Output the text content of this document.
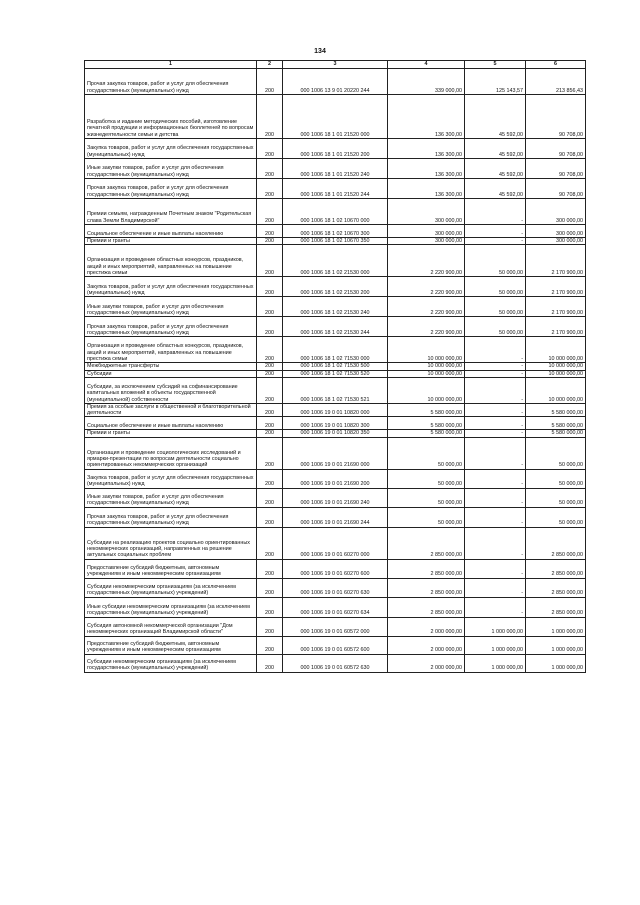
134
1	2	3	4	5	6
Прочая закупка товаров, работ и услуг для обеспечения государственных (муниципальных) нужд	200	000 1006 13 9 01 20220 244	339 000,00	125 143,57	213 856,43
Разработка и издание методических пособий, изготовление печатной продукции и информационных бюллетеней по вопросам жизнедеятельности семьи и детства	200	000 1006 18 1 01 21520 000	136 300,00	45 592,00	90 708,00
Закупка товаров, работ и услуг для обеспечения государственных (муниципальных) нужд	200	000 1006 18 1 01 21520 200	136 300,00	45 592,00	90 708,00
Иные закупки товаров, работ и услуг для обеспечения государственных (муниципальных) нужд	200	000 1006 18 1 01 21520 240	136 300,00	45 592,00	90 708,00
Прочая закупка товаров, работ и услуг для обеспечения государственных (муниципальных) нужд	200	000 1006 18 1 01 21520 244	136 300,00	45 592,00	90 708,00
Премии семьям, награжденным Почетным знаком "Родительская слава Земли Владимирской"	200	000 1006 18 1 02 10670 000	300 000,00	-	300 000,00
Социальное обеспечение и иные выплаты населению	200	000 1006 18 1 02 10670 300	300 000,00	-	300 000,00
Премии и гранты	200	000 1006 18 1 02 10670 350	300 000,00	-	300 000,00
Организация и проведение областных конкурсов, праздников, акций и иных мероприятий, направленных на повышение престижа семьи	200	000 1006 18 1 02 21530 000	2 220 900,00	50 000,00	2 170 900,00
Закупка товаров, работ и услуг для обеспечения государственных (муниципальных) нужд	200	000 1006 18 1 02 21530 200	2 220 900,00	50 000,00	2 170 900,00
Иные закупки товаров, работ и услуг для обеспечения государственных (муниципальных) нужд	200	000 1006 18 1 02 21530 240	2 220 900,00	50 000,00	2 170 900,00
Прочая закупка товаров, работ и услуг для обеспечения государственных (муниципальных) нужд	200	000 1006 18 1 02 21530 244	2 220 900,00	50 000,00	2 170 900,00
Организация и проведение областных конкурсов, праздников, акций и иных мероприятий, направленных на повышение престижа семьи	200	000 1006 18 1 02 71530 000	10 000 000,00	-	10 000 000,00
Межбюджетные трансферты	200	000 1006 18 1 02 71530 500	10 000 000,00	-	10 000 000,00
Субсидии	200	000 1006 18 1 02 71530 520	10 000 000,00	-	10 000 000,00
Субсидии, за исключением субсидий на софинансирование капитальных вложений в объекты государственной (муниципальной) собственности	200	000 1006 18 1 02 71530 521	10 000 000,00	-	10 000 000,00
Премия за особые заслуги в общественной и благотворительной деятельности	200	000 1006 19 0 01 10820 000	5 580 000,00	-	5 580 000,00
Социальное обеспечение и иные выплаты населению	200	000 1006 19 0 01 10820 300	5 580 000,00	-	5 580 000,00
Премии и гранты	200	000 1006 19 0 01 10820 350	5 580 000,00	-	5 580 000,00
Организация и проведение социологических исследований и ярмарки-презентации по вопросам деятельности социально ориентированных некоммерческих организаций	200	000 1006 19 0 01 21690 000	50 000,00	-	50 000,00
Закупка товаров, работ и услуг для обеспечения государственных (муниципальных) нужд	200	000 1006 19 0 01 21690 200	50 000,00	-	50 000,00
Иные закупки товаров, работ и услуг для обеспечения государственных (муниципальных) нужд	200	000 1006 19 0 01 21690 240	50 000,00	-	50 000,00
Прочая закупка товаров, работ и услуг для обеспечения государственных (муниципальных) нужд	200	000 1006 19 0 01 21690 244	50 000,00	-	50 000,00
Субсидии на реализацию проектов социально ориентированных некоммерческих организаций, направленных на решение актуальных социальных проблем	200	000 1006 19 0 01 60270 000	2 850 000,00	-	2 850 000,00
Предоставление субсидий бюджетным, автономным учреждениям и иным некоммерческим организациям	200	000 1006 19 0 01 60270 600	2 850 000,00	-	2 850 000,00
Субсидии некоммерческим организациям (за исключением государственных (муниципальных) учреждений)	200	000 1006 19 0 01 60270 630	2 850 000,00	-	2 850 000,00
Иные субсидии некоммерческим организациям (за исключением государственных (муниципальных) учреждений)	200	000 1006 19 0 01 60270 634	2 850 000,00	-	2 850 000,00
Субсидия автономной некоммерческой организации "Дом некоммерческих организаций Владимирской области"	200	000 1006 19 0 01 60572 000	2 000 000,00	1 000 000,00	1 000 000,00
Предоставление субсидий бюджетным, автономным учреждениям и иным некоммерческим организациям	200	000 1006 19 0 01 60572 600	2 000 000,00	1 000 000,00	1 000 000,00
Субсидии некоммерческим организациям (за исключением государственных (муниципальных) учреждений)	200	000 1006 19 0 01 60572 630	2 000 000,00	1 000 000,00	1 000 000,00
